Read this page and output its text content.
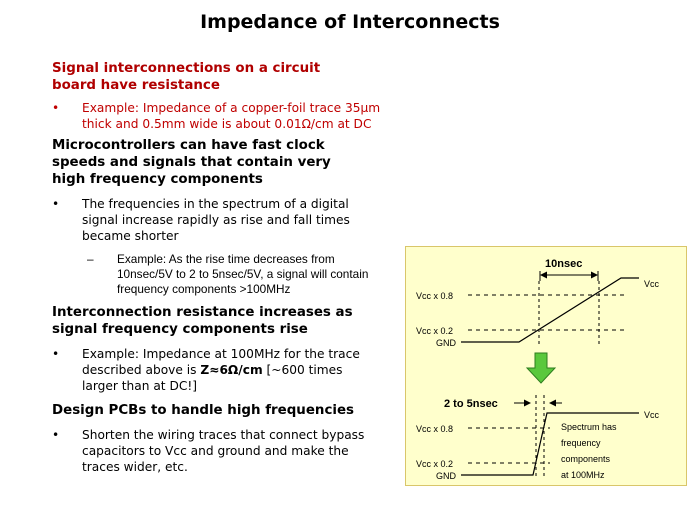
Impedance of Interconnects

Signal interconnections on a circuit board have resistance

• Example: Impedance of a copper-foil trace 35µm thick and 0.5mm wide is about 0.01Ω/cm at DC

Microcontrollers can have fast clock speeds and signals that contain very high frequency components

• The frequencies in the spectrum of a digital signal increase rapidly as rise and fall times became shorter

– Example: As the rise time decreases from 10nsec/5V to 2 to 5nsec/5V, a signal will contain frequency components >100MHz

Interconnection resistance increases as signal frequency components rise

• Example: Impedance at 100MHz for the trace described above is Z≈6Ω/cm [~600 times larger than at DC!]

Design PCBs to handle high frequencies

• Shorten the wiring traces that connect bypass capacitors to Vcc and ground and make the traces wider, etc.

10nsec
Vcc x 0.8
Vcc x 0.2
GND
Vcc
2 to 5nsec
Vcc x 0.8
Vcc x 0.2
GND
Vcc
Spectrum has
frequency
components
at 100MHz
